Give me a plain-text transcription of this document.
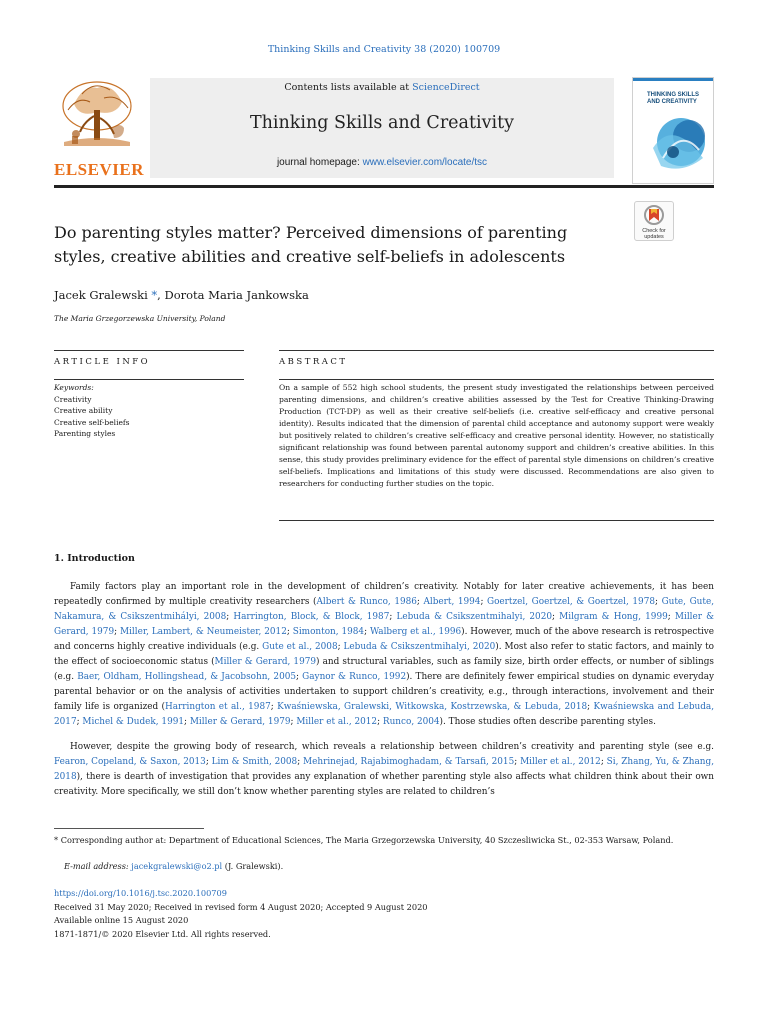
Thinking Skills and Creativity 38 (2020) 100709
ELSEVIER
Contents lists available at ScienceDirect
Thinking Skills and Creativity
journal homepage: www.elsevier.com/locate/tsc
THINKING SKILLS AND CREATIVITY
Check for updates
Do parenting styles matter? Perceived dimensions of parenting styles, creative abilities and creative self-beliefs in adolescents
Jacek Gralewski *, Dorota Maria Jankowska
The Maria Grzegorzewska University, Poland
ARTICLE INFO	ABSTRACT
Keywords:
Creativity
Creative ability
Creative self-beliefs
Parenting styles
On a sample of 552 high school students, the present study investigated the relationships between perceived parenting dimensions, and children’s creative abilities assessed by the Test for Creative Thinking-Drawing Production (TCT-DP) as well as their creative self-beliefs (i.e. creative self-efficacy and creative personal identity). Results indicated that the dimension of parental child acceptance and autonomy support were weakly but positively related to children’s creative self-efficacy and creative personal identity. However, no statistically significant relationship was found between parental autonomy support and children’s creative abilities. In this sense, this study provides preliminary evidence for the effect of parental style dimensions on children’s creative self-beliefs. Implications and limitations of this study were discussed. Recommendations are also given to researchers for conducting further studies on the topic.
1. Introduction
Family factors play an important role in the development of children’s creativity. Notably for later creative achievements, it has been repeatedly confirmed by multiple creativity researchers (Albert & Runco, 1986; Albert, 1994; Goertzel, Goertzel, & Goertzel, 1978; Gute, Gute, Nakamura, & Csikszentmihályi, 2008; Harrington, Block, & Block, 1987; Lebuda & Csikszentmihalyi, 2020; Milgram & Hong, 1999; Miller & Gerard, 1979; Miller, Lambert, & Neumeister, 2012; Simonton, 1984; Walberg et al., 1996). However, much of the above research is retrospective and concerns highly creative individuals (e.g. Gute et al., 2008; Lebuda & Csikszentmihalyi, 2020). Most also refer to static factors, and mainly to the effect of socioeconomic status (Miller & Gerard, 1979) and structural variables, such as family size, birth order effects, or number of siblings (e.g. Baer, Oldham, Hollingshead, & Jacobsohn, 2005; Gaynor & Runco, 1992). There are definitely fewer empirical studies on dynamic everyday parental behavior or on the analysis of activities undertaken to support children’s creativity, e.g., through interactions, involvement and their family life is organized (Harrington et al., 1987; Kwaśniewska, Gralewski, Witkowska, Kostrzewska, & Lebuda, 2018; Kwaśniewska and Lebuda, 2017; Michel & Dudek, 1991; Miller & Gerard, 1979; Miller et al., 2012; Runco, 2004). Those studies often describe parenting styles.
However, despite the growing body of research, which reveals a relationship between children’s creativity and parenting style (see e.g. Fearon, Copeland, & Saxon, 2013; Lim & Smith, 2008; Mehrinejad, Rajabimoghadam, & Tarsafi, 2015; Miller et al., 2012; Si, Zhang, Yu, & Zhang, 2018), there is dearth of investigation that provides any explanation of whether parenting style also affects what children think about their own creativity. More specifically, we still don’t know whether parenting styles are related to children’s
* Corresponding author at: Department of Educational Sciences, The Maria Grzegorzewska University, 40 Szczesliwicka St., 02-353 Warsaw, Poland.
E-mail address: jacekgralewski@o2.pl (J. Gralewski).
https://doi.org/10.1016/j.tsc.2020.100709
Received 31 May 2020; Received in revised form 4 August 2020; Accepted 9 August 2020
Available online 15 August 2020
1871-1871/© 2020 Elsevier Ltd. All rights reserved.
